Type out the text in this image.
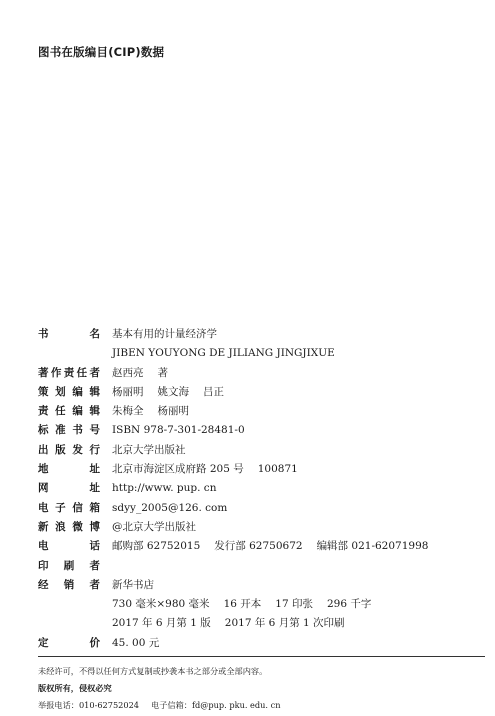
图书在版编目(CIP)数据
书名 基本有用的计量经济学
JIBEN YOUYONG DE JILIANG JINGJIXUE
著作责任者 赵西亮 著
策划编辑 杨丽明 姚文海 吕正
责任编辑 朱梅全 杨丽明
标准书号 ISBN 978-7-301-28481-0
出版发行 北京大学出版社
地址 北京市海淀区成府路 205 号 100871
网址 http://www. pup. cn
电子信箱 sdyy_2005@126. com
新浪微博 @北京大学出版社
电话 邮购部 62752015 发行部 62750672 编辑部 021-62071998
印刷者
经销者 新华书店
730 毫米×980 毫米 16 开本 17 印张 296 千字
2017 年 6 月第 1 版 2017 年 6 月第 1 次印刷
定价 45. 00 元
未经许可，不得以任何方式复制或抄袭本书之部分或全部内容。
版权所有，侵权必究
举报电话：010-62752024 电子信箱：fd@pup. pku. edu. cn
